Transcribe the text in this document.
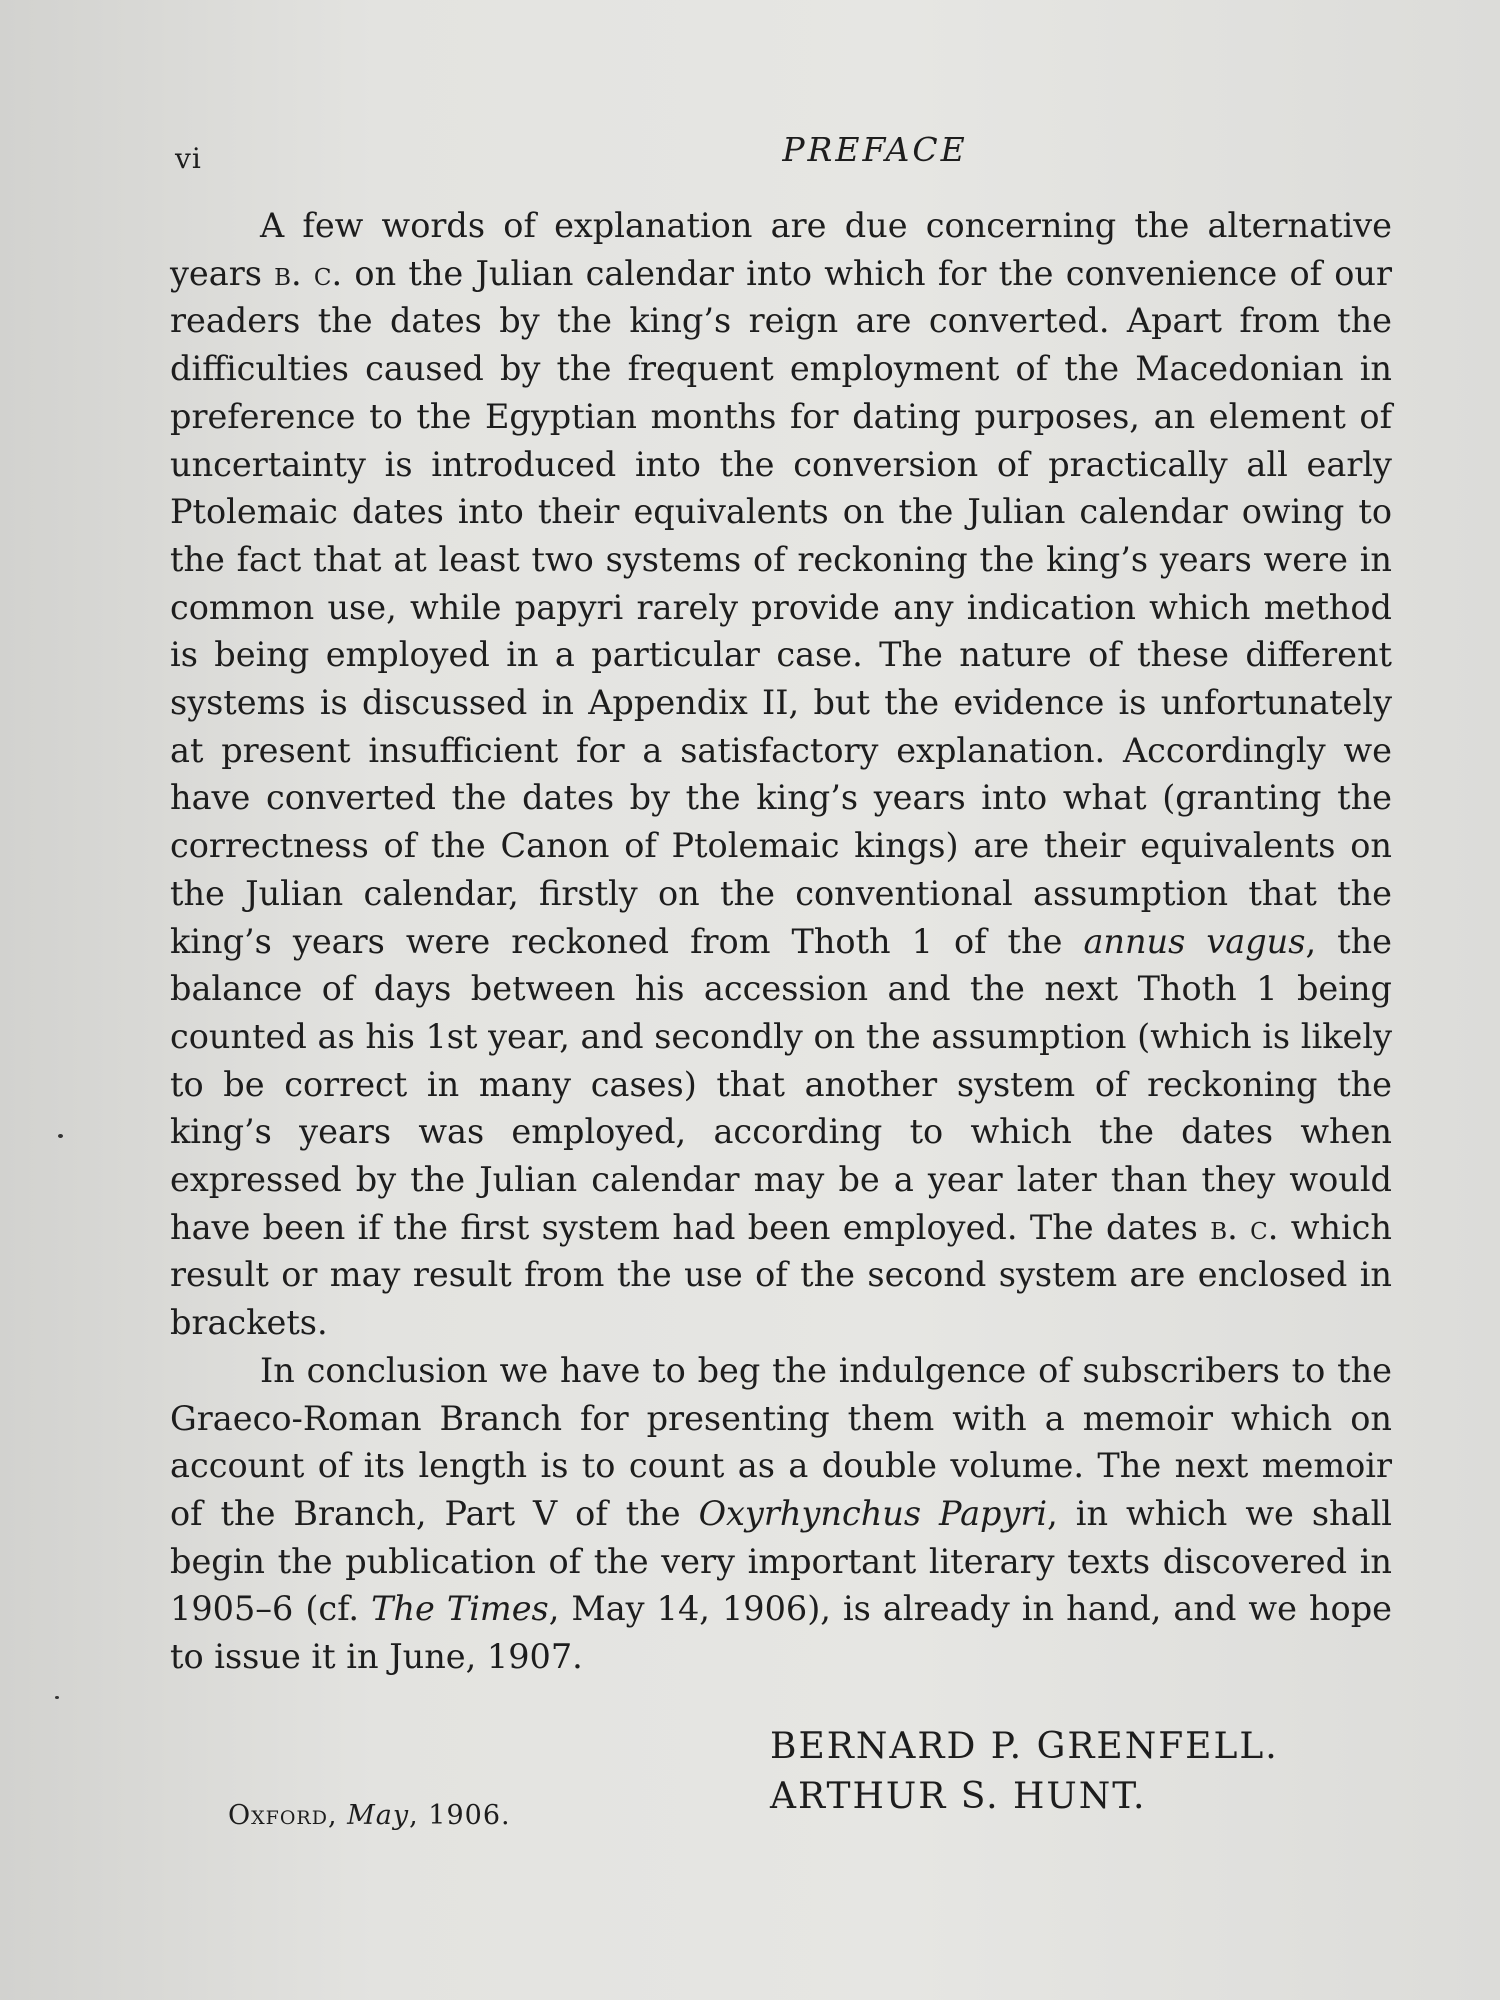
vi	PREFACE

A few words of explanation are due concerning the alternative years b. c. on the Julian calendar into which for the convenience of our readers the dates by the king’s reign are converted. Apart from the difficulties caused by the frequent employment of the Macedonian in preference to the Egyptian months for dating purposes, an element of uncertainty is introduced into the conversion of practically all early Ptolemaic dates into their equivalents on the Julian calendar owing to the fact that at least two systems of reckoning the king’s years were in common use, while papyri rarely provide any indication which method is being employed in a particular case. The nature of these different systems is discussed in Appendix II, but the evidence is unfortunately at present insufficient for a satisfactory explanation. Accordingly we have converted the dates by the king’s years into what (granting the correctness of the Canon of Ptolemaic kings) are their equivalents on the Julian calendar, firstly on the conventional assumption that the king’s years were reckoned from Thoth 1 of the annus vagus, the balance of days between his accession and the next Thoth 1 being counted as his 1st year, and secondly on the assumption (which is likely to be correct in many cases) that another system of reckoning the king’s years was employed, according to which the dates when expressed by the Julian calendar may be a year later than they would have been if the first system had been employed. The dates b. c. which result or may result from the use of the second system are enclosed in brackets.

In conclusion we have to beg the indulgence of subscribers to the Graeco-Roman Branch for presenting them with a memoir which on account of its length is to count as a double volume. The next memoir of the Branch, Part V of the Oxyrhynchus Papyri, in which we shall begin the publication of the very important literary texts discovered in 1905–6 (cf. The Times, May 14, 1906), is already in hand, and we hope to issue it in June, 1907.

BERNARD P. GRENFELL.
ARTHUR S. HUNT.
Oxford, May, 1906.
